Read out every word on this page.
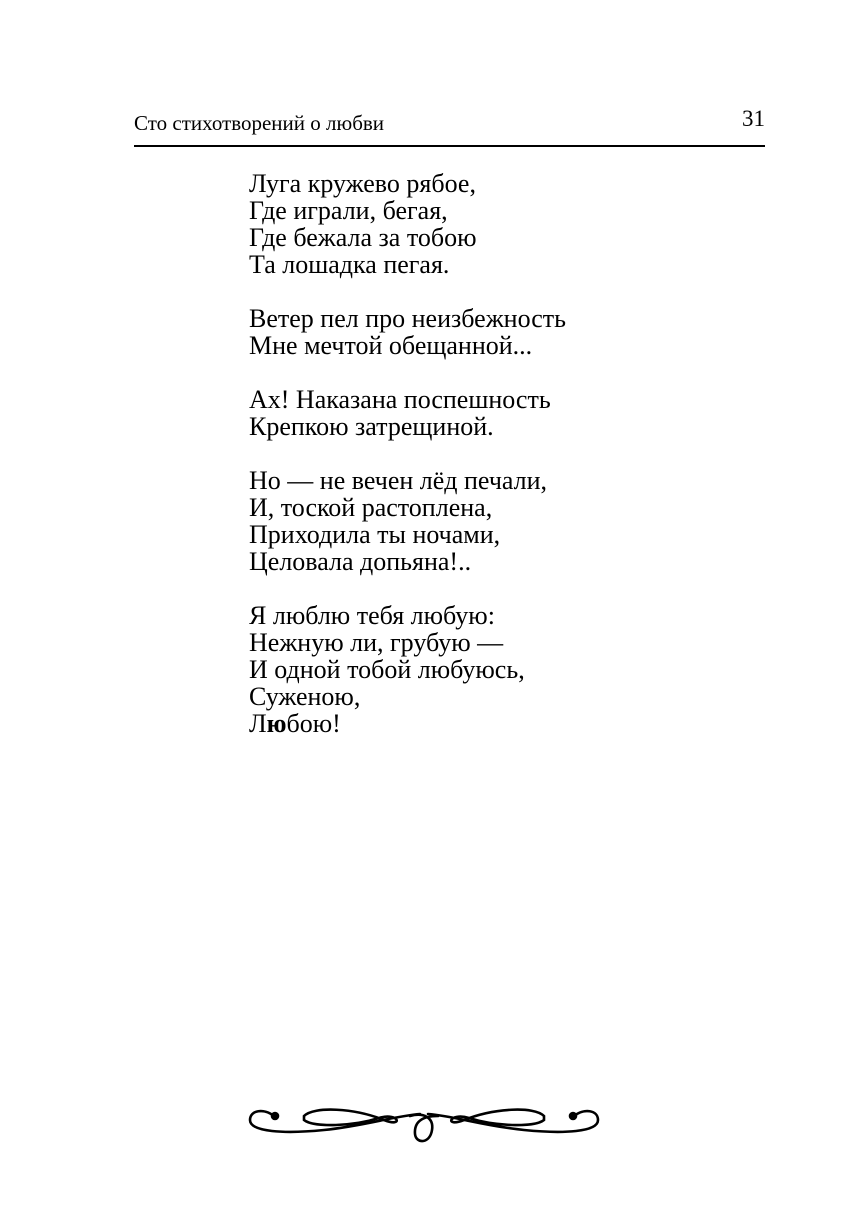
Сто стихотворений о любви	31
Луга кружево рябое,
Где играли, бегая,
Где бежала за тобою
Та лошадка пегая.
Ветер пел про неизбежность
Мне мечтой обещанной...
Ах! Наказана поспешность
Крепкою затрещиной.
Но — не вечен лёд печали,
И, тоской растоплена,
Приходила ты ночами,
Целовала допьяна!..
Я люблю тебя любую:
Нежную ли, грубую —
И одной тобой любуюсь,
Суженою,
Любою!
